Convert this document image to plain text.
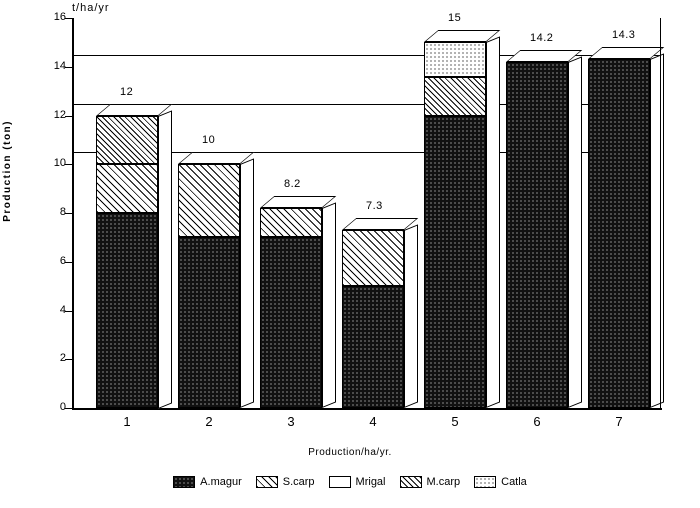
t/ha/yr
Production (ton)
0
2
4
6
8
10
12
14
16
12
10
8.2
7.3
15
14.2	14.3
1	2	3	4	5	6	7
Production/ha/yr.
A.magur	S.carp	Mrigal	M.carp	Catla
